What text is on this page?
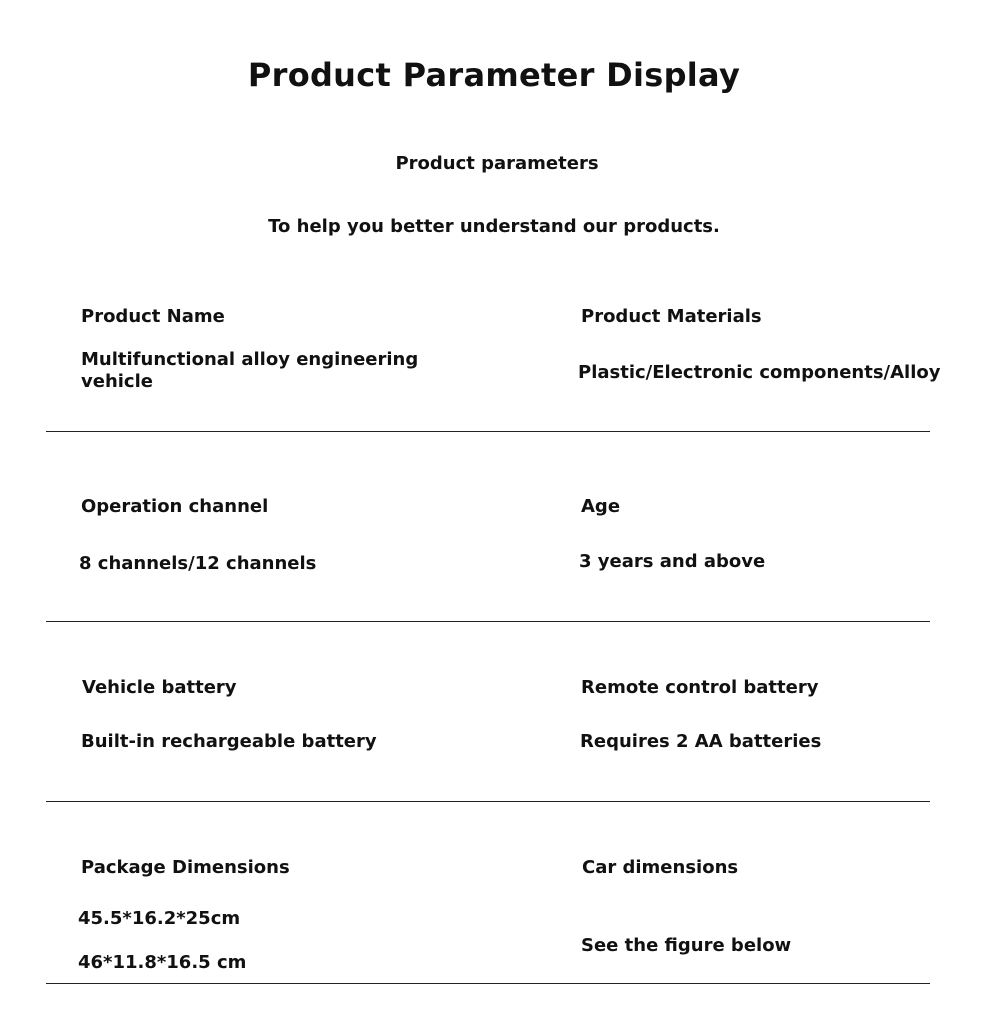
Product Parameter Display
Product parameters
To help you better understand our products.
Product Name
Multifunctional alloy engineering vehicle
Product Materials
Plastic/Electronic components/Alloy
Operation channel
8 channels/12 channels
Age
3 years and above
Vehicle battery
Built-in rechargeable battery
Remote control battery
Requires 2 AA batteries
Package Dimensions
45.5*16.2*25cm
46*11.8*16.5 cm
Car dimensions
See the figure below
